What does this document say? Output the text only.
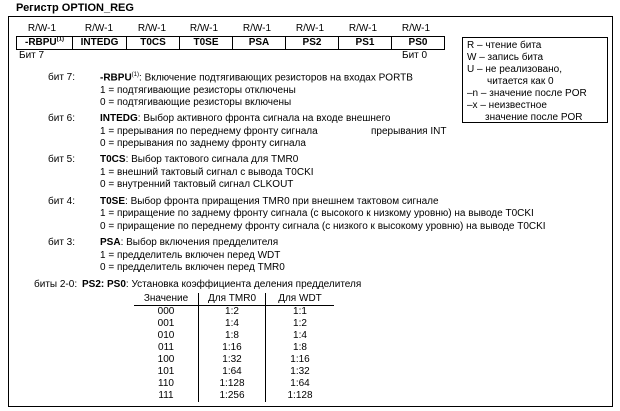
Регистр OPTION_REG
R/W-1	R/W-1	R/W-1	R/W-1	R/W-1	R/W-1	R/W-1	R/W-1
-RBPU$^{(1)}$	INTEDG	T0CS	T0SE	PSA	PS2	PS1	PS0
Бит 7	Бит 0
R – чтение бита
W – запись бита
U – не реализовано,
читается как 0
–n – значение после POR
–x – неизвестное
значение после POR
бит 7: -RBPU$^{(1)}$: Включение подтягивающих резисторов на входах PORTB
1 = подтягивающие резисторы отключены
0 = подтягивающие резисторы включены
бит 6: INTEDG: Выбор активного фронта сигнала на входе внешнего
1 = прерывания по переднему фронту сигнала	прерывания INT
0 = прерывания по заднему фронту сигнала
бит 5: T0CS: Выбор тактового сигнала для TMR0
1 = внешний тактовый сигнал с вывода T0CKI
0 = внутренний тактовый сигнал CLKOUT
бит 4: T0SE: Выбор фронта приращения TMR0 при внешнем тактовом сигнале
1 = приращение по заднему фронту сигнала (с высокого к низкому уровню) на выводе T0CKI
0 = приращение по переднему фронту сигнала (с низкого к высокому уровню) на выводе T0CKI
бит 3: PSA: Выбор включения предделителя
1 = предделитель включен перед WDT
0 = предделитель включен перед TMR0
биты 2-0: PS2: PS0: Установка коэффициента деления предделителя
Значение	Для TMR0	Для WDT
000	1:2	1:1
001	1:4	1:2
010	1:8	1:4
011	1:16	1:8
100	1:32	1:16
101	1:64	1:32
110	1:128	1:64
111	1:256	1:128
